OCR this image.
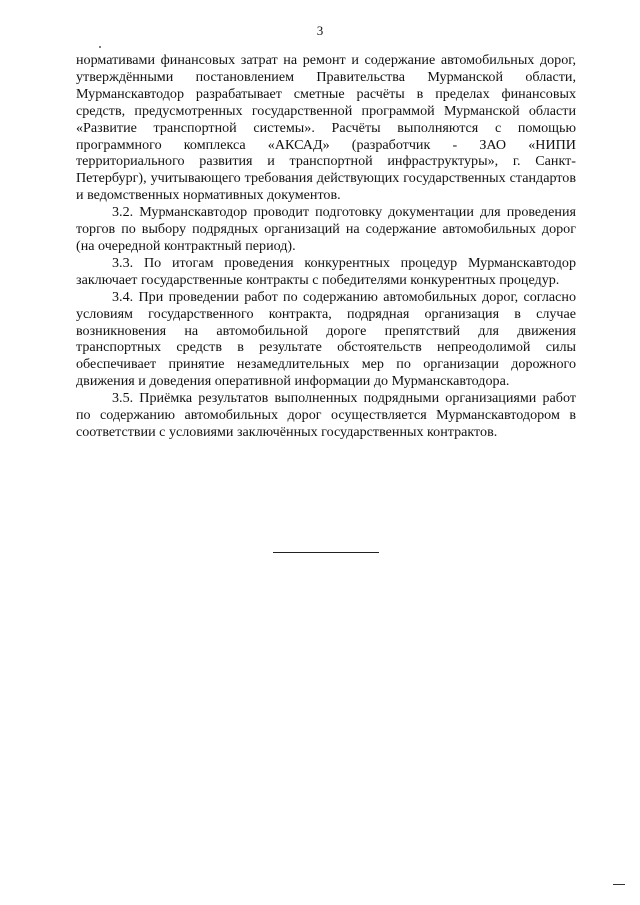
3

нормативами финансовых затрат на ремонт и содержание автомобильных дорог, утверждёнными постановлением Правительства Мурманской области, Мурманскавтодор разрабатывает сметные расчёты в пределах финансовых средств, предусмотренных государственной программой Мурманской области «Развитие транспортной системы». Расчёты выполняются с помощью программного комплекса «АКСАД» (разработчик - ЗАО «НИПИ территориального развития и транспортной инфраструктуры», г. Санкт-Петербург), учитывающего требования действующих государственных стандартов и ведомственных нормативных документов.

3.2. Мурманскавтодор проводит подготовку документации для проведения торгов по выбору подрядных организаций на содержание автомобильных дорог (на очередной контрактный период).

3.3. По итогам проведения конкурентных процедур Мурманскавтодор заключает государственные контракты с победителями конкурентных процедур.

3.4. При проведении работ по содержанию автомобильных дорог, согласно условиям государственного контракта, подрядная организация в случае возникновения на автомобильной дороге препятствий для движения транспортных средств в результате обстоятельств непреодолимой силы обеспечивает принятие незамедлительных мер по организации дорожного движения и доведения оперативной информации до Мурманскавтодора.

3.5. Приёмка результатов выполненных подрядными организациями работ по содержанию автомобильных дорог осуществляется Мурманскавтодором в соответствии с условиями заключённых государственных контрактов.
